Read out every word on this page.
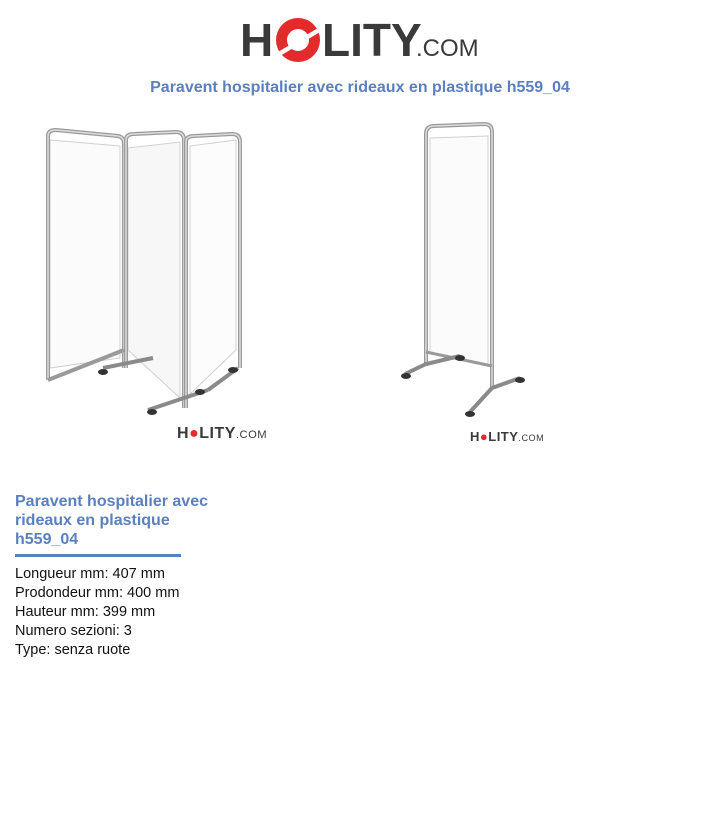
H LITY
.COM
Paravent hospitalier avec rideaux en plastique h559_04
H●LITY.COM	H●LITY.COM
Paravent hospitalier avec rideaux en plastique h559_04
Longueur mm: 407 mm
Prodondeur mm: 400 mm
Hauteur mm: 399 mm
Numero sezioni: 3
Type: senza ruote
